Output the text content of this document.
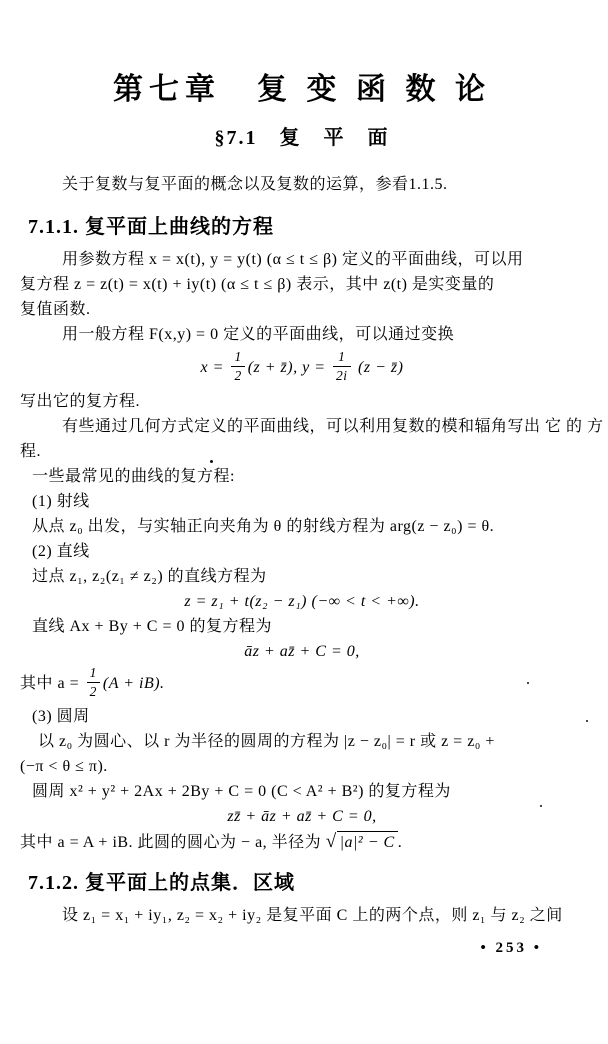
第七章　复 变 函 数 论
§7.1　复　平　面
关于复数与复平面的概念以及复数的运算，参看1.1.5.
7.1.1. 复平面上曲线的方程
用参数方程 x = x(t), y = y(t) (α ≤ t ≤ β) 定义的平面曲线，可以用
复方程 z = z(t) = x(t) + iy(t) (α ≤ t ≤ β) 表示，其中 z(t) 是实变量的
复值函数.
用一般方程 F(x,y) = 0 定义的平面曲线，可以通过变换
$x = \frac{1}{2} (z$ + z̄), $y = \frac{1}{2i} (z$ − z̄)
写出它的复方程.
有些通过几何方式定义的平面曲线，可以利用复数的模和辐角写出 它 的 方
程.
一些最常见的曲线的复方程:
(1) 射线
从点 z₀ 出发，与实轴正向夹角为 θ 的射线方程为 arg(z − z₀) = θ.
(2) 直线
过点 z₁, z₂(z₁ ≠ z₂) 的直线方程为
z = z₁ + t(z₂ − z₁) (−∞ < t < +∞).
直线 Ax + By + C = 0 的复方程为
āz + az̄ + C = 0,
其中 $a = \frac{1}{2} (A + iB)$.
(3) 圆周
以 z₀ 为圆心、以 r 为半径的圆周的方程为 |z − z₀| = r 或 z = z₀ +
(−π < θ ≤ π).
圆周 x² + y² + 2Ax + 2By + C = 0 (C < A² + B²) 的复方程为
zz̄ + āz + az̄ + C = 0,
其中 a = A + iB. 此圆的圆心为 − a, 半径为 √ |a|² − C .
7.1.2. 复平面上的点集．区域
设 z₁ = x₁ + iy₁, z₂ = x₂ + iy₂ 是复平面 C 上的两个点，则 z₁ 与 z₂ 之间
• 253 •
